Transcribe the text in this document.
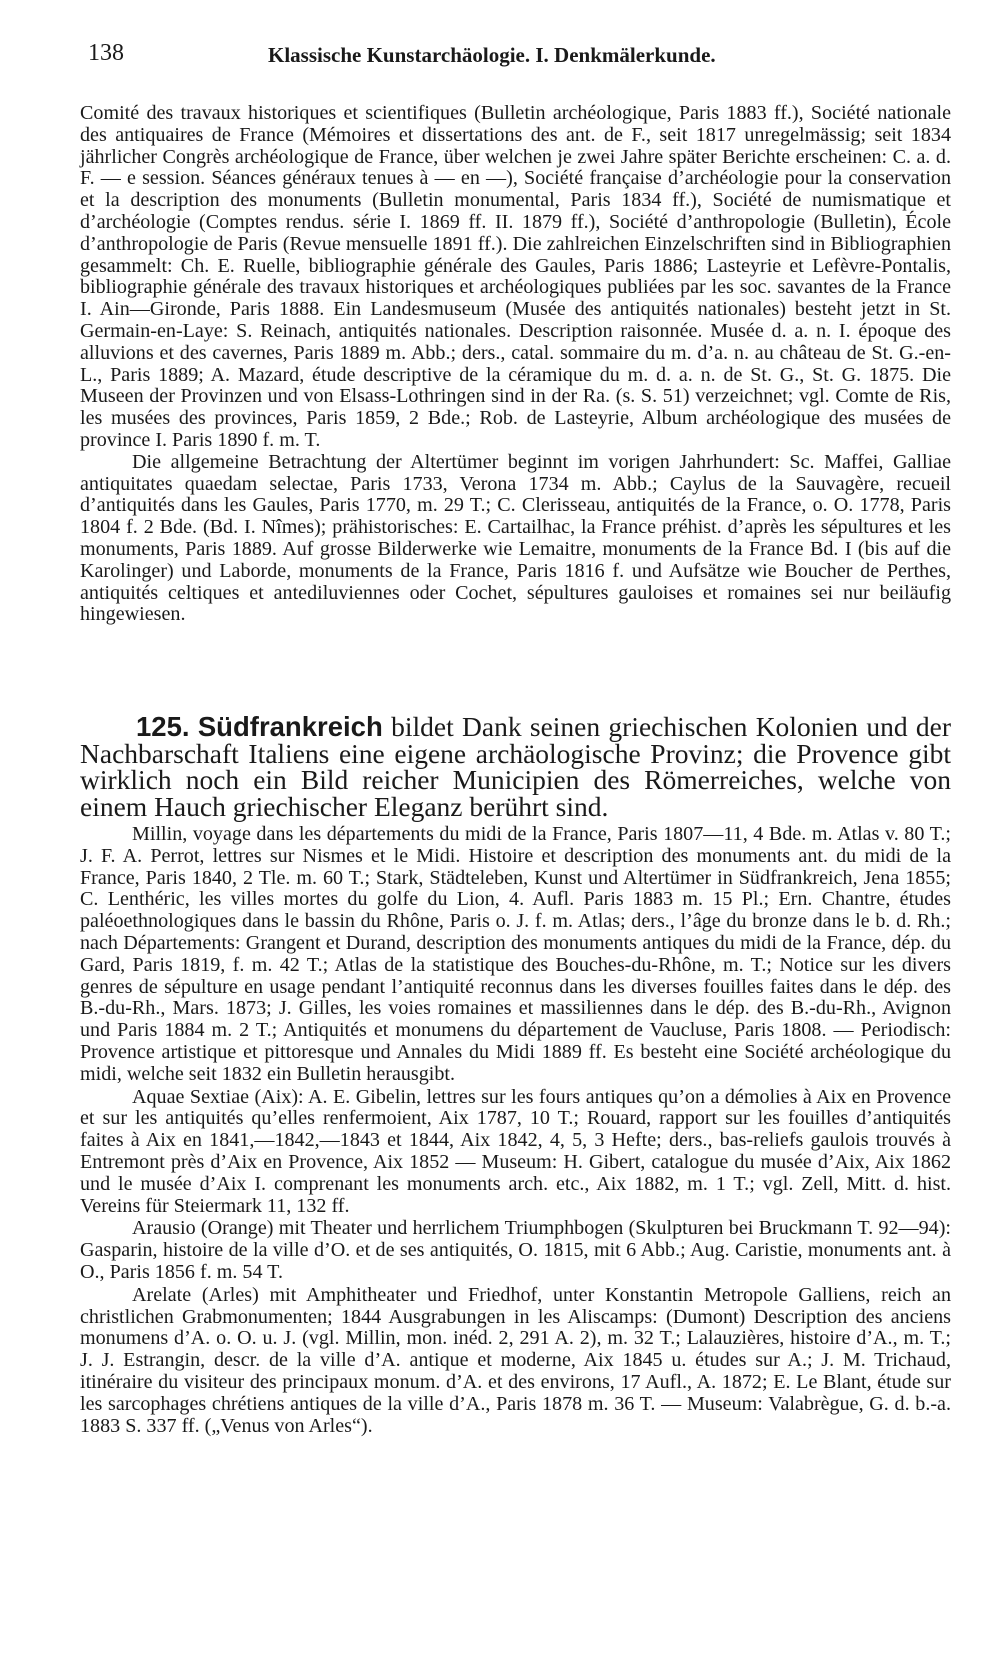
138	Klassische Kunstarchäologie. I. Denkmälerkunde.

Comité des travaux historiques et scientifiques (Bulletin archéologique, Paris 1883 ff.), Société nationale des antiquaires de France (Mémoires et dissertations des ant. de F., seit 1817 unregelmässig; seit 1834 jährlicher Congrès archéologique de France, über welchen je zwei Jahre später Berichte erscheinen: C. a. d. F. — e session. Séances généraux tenues à — en —), Société française d’archéologie pour la conservation et la description des monuments (Bulletin monumental, Paris 1834 ff.), Société de numismatique et d’archéologie (Comptes rendus. série I. 1869 ff. II. 1879 ff.), Société d’anthropologie (Bulletin), École d’anthropologie de Paris (Revue mensuelle 1891 ff.). Die zahlreichen Einzelschriften sind in Bibliographien gesammelt: Ch. E. Ruelle, bibliographie générale des Gaules, Paris 1886; Lasteyrie et Lefèvre-Pontalis, bibliographie générale des travaux historiques et archéologiques publiées par les soc. savantes de la France I. Ain—Gironde, Paris 1888. Ein Landesmuseum (Musée des antiquités nationales) besteht jetzt in St. Germain-en-Laye: S. Reinach, antiquités nationales. Description raisonnée. Musée d. a. n. I. époque des alluvions et des cavernes, Paris 1889 m. Abb.; ders., catal. sommaire du m. d’a. n. au château de St. G.-en-L., Paris 1889; A. Mazard, étude descriptive de la céramique du m. d. a. n. de St. G., St. G. 1875. Die Museen der Provinzen und von Elsass-Lothringen sind in der Ra. (s. S. 51) verzeichnet; vgl. Comte de Ris, les musées des provinces, Paris 1859, 2 Bde.; Rob. de Lasteyrie, Album archéologique des musées de province I. Paris 1890 f. m. T.

Die allgemeine Betrachtung der Altertümer beginnt im vorigen Jahrhundert: Sc. Maffei, Galliae antiquitates quaedam selectae, Paris 1733, Verona 1734 m. Abb.; Caylus de la Sauvagère, recueil d’antiquités dans les Gaules, Paris 1770, m. 29 T.; C. Clerisseau, antiquités de la France, o. O. 1778, Paris 1804 f. 2 Bde. (Bd. I. Nîmes); prähistorisches: E. Cartailhac, la France préhist. d’après les sépultures et les monuments, Paris 1889. Auf grosse Bilderwerke wie Lemaitre, monuments de la France Bd. I (bis auf die Karolinger) und Laborde, monuments de la France, Paris 1816 f. und Aufsätze wie Boucher de Perthes, antiquités celtiques et antediluviennes oder Cochet, sépultures gauloises et romaines sei nur beiläufig hingewiesen.

125. Südfrankreich bildet Dank seinen griechischen Kolonien und der Nachbarschaft Italiens eine eigene archäologische Provinz; die Provence gibt wirklich noch ein Bild reicher Municipien des Römerreiches, welche von einem Hauch griechischer Eleganz berührt sind.

Millin, voyage dans les départements du midi de la France, Paris 1807—11, 4 Bde. m. Atlas v. 80 T.; J. F. A. Perrot, lettres sur Nismes et le Midi. Histoire et description des monuments ant. du midi de la France, Paris 1840, 2 Tle. m. 60 T.; Stark, Städteleben, Kunst und Altertümer in Südfrankreich, Jena 1855; C. Lenthéric, les villes mortes du golfe du Lion, 4. Aufl. Paris 1883 m. 15 Pl.; Ern. Chantre, études paléoethnologiques dans le bassin du Rhône, Paris o. J. f. m. Atlas; ders., l’âge du bronze dans le b. d. Rh.; nach Départements: Grangent et Durand, description des monuments antiques du midi de la France, dép. du Gard, Paris 1819, f. m. 42 T.; Atlas de la statistique des Bouches-du-Rhône, m. T.; Notice sur les divers genres de sépulture en usage pendant l’antiquité reconnus dans les diverses fouilles faites dans le dép. des B.-du-Rh., Mars. 1873; J. Gilles, les voies romaines et massiliennes dans le dép. des B.-du-Rh., Avignon und Paris 1884 m. 2 T.; Antiquités et monumens du département de Vaucluse, Paris 1808. — Periodisch: Provence artistique et pittoresque und Annales du Midi 1889 ff. Es besteht eine Société archéologique du midi, welche seit 1832 ein Bulletin herausgibt.

Aquae Sextiae (Aix): A. E. Gibelin, lettres sur les fours antiques qu’on a démolies à Aix en Provence et sur les antiquités qu’elles renfermoient, Aix 1787, 10 T.; Rouard, rapport sur les fouilles d’antiquités faites à Aix en 1841,—1842,—1843 et 1844, Aix 1842, 4, 5, 3 Hefte; ders., bas-reliefs gaulois trouvés à Entremont près d’Aix en Provence, Aix 1852 — Museum: H. Gibert, catalogue du musée d’Aix, Aix 1862 und le musée d’Aix I. comprenant les monuments arch. etc., Aix 1882, m. 1 T.; vgl. Zell, Mitt. d. hist. Vereins für Steiermark 11, 132 ff.

Arausio (Orange) mit Theater und herrlichem Triumphbogen (Skulpturen bei Bruckmann T. 92—94): Gasparin, histoire de la ville d’O. et de ses antiquités, O. 1815, mit 6 Abb.; Aug. Caristie, monuments ant. à O., Paris 1856 f. m. 54 T.

Arelate (Arles) mit Amphitheater und Friedhof, unter Konstantin Metropole Galliens, reich an christlichen Grabmonumenten; 1844 Ausgrabungen in les Aliscamps: (Dumont) Description des anciens monumens d’A. o. O. u. J. (vgl. Millin, mon. inéd. 2, 291 A. 2), m. 32 T.; Lalauzières, histoire d’A., m. T.; J. J. Estrangin, descr. de la ville d’A. antique et moderne, Aix 1845 u. études sur A.; J. M. Trichaud, itinéraire du visiteur des principaux monum. d’A. et des environs, 17 Aufl., A. 1872; E. Le Blant, étude sur les sarcophages chrétiens antiques de la ville d’A., Paris 1878 m. 36 T. — Museum: Valabrègue, G. d. b.-a. 1883 S. 337 ff. („Venus von Arles“).
